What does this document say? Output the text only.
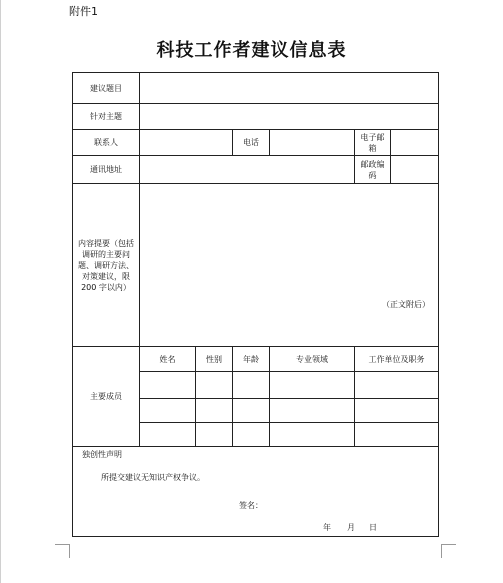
附件1
科技工作者建议信息表
建议题目						
针对主题						
联系人			电话		电子邮箱	
通讯地址					邮政编码	
内容提要（包括调研的主要问题、调研方法、对策建议，限 200 字以内）	（正文附后）					

主要成员	姓名	性别	年龄	专业领域	工作单位及职务	

独创性声明
所提交建议无知识产权争议。
签名：
年 月 日						
